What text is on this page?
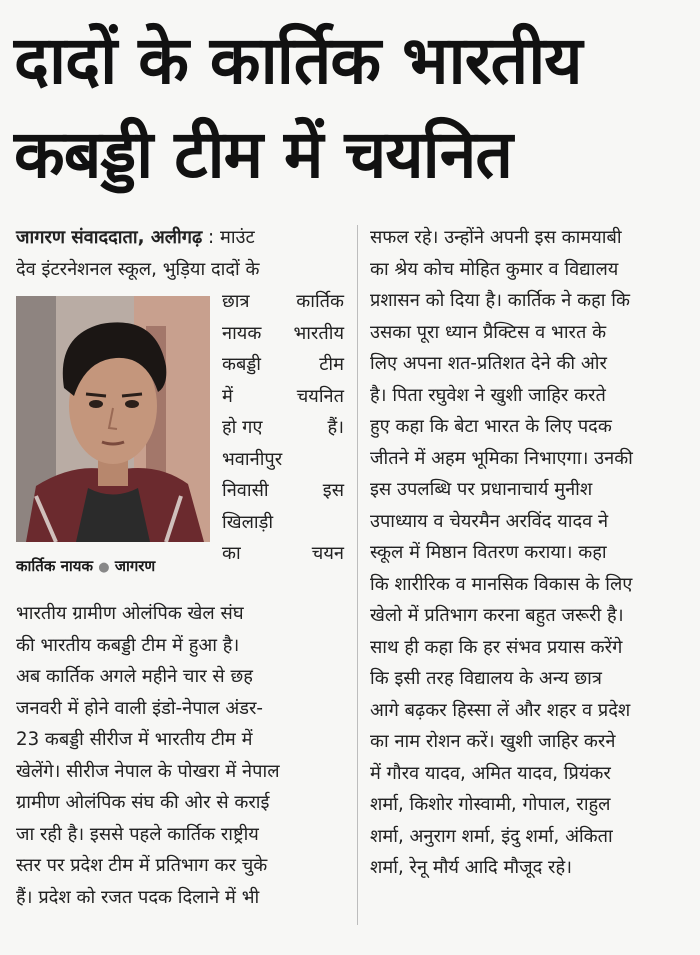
दादों के कार्तिक भारतीय
कबड्डी टीम में चयनित
जागरण संवाददाता, अलीगढ़ : माउंट
देव इंटरनेशनल स्कूल, भुड़िया दादों के
कार्तिक नायक ● जागरण
छात्र	कार्तिक
नायक भारतीय
कबड्डी	टीम
में	चयनित
हो गए	हैं।
भवानीपुर
निवासी	इस
खिलाड़ी
का	चयन
भारतीय ग्रामीण ओलंपिक खेल संघ
की भारतीय कबड्डी टीम में हुआ है।
अब कार्तिक अगले महीने चार से छह
जनवरी में होने वाली इंडो-नेपाल अंडर-
23 कबड्डी सीरीज में भारतीय टीम में
खेलेंगे। सीरीज नेपाल के पोखरा में नेपाल
ग्रामीण ओलंपिक संघ की ओर से कराई
जा रही है। इससे पहले कार्तिक राष्ट्रीय
स्तर पर प्रदेश टीम में प्रतिभाग कर चुके
हैं। प्रदेश को रजत पदक दिलाने में भी
सफल रहे। उन्होंने अपनी इस कामयाबी
का श्रेय कोच मोहित कुमार व विद्यालय
प्रशासन को दिया है। कार्तिक ने कहा कि
उसका पूरा ध्यान प्रैक्टिस व भारत के
लिए अपना शत-प्रतिशत देने की ओर
है। पिता रघुवेश ने खुशी जाहिर करते
हुए कहा कि बेटा भारत के लिए पदक
जीतने में अहम भूमिका निभाएगा। उनकी
इस उपलब्धि पर प्रधानाचार्य मुनीश
उपाध्याय व चेयरमैन अरविंद यादव ने
स्कूल में मिष्ठान वितरण कराया। कहा
कि शारीरिक व मानसिक विकास के लिए
खेलो में प्रतिभाग करना बहुत जरूरी है।
साथ ही कहा कि हर संभव प्रयास करेंगे
कि इसी तरह विद्यालय के अन्य छात्र
आगे बढ़कर हिस्सा लें और शहर व प्रदेश
का नाम रोशन करें। खुशी जाहिर करने
में गौरव यादव, अमित यादव, प्रियंकर
शर्मा, किशोर गोस्वामी, गोपाल, राहुल
शर्मा, अनुराग शर्मा, इंदु शर्मा, अंकिता
शर्मा, रेनू मौर्य आदि मौजूद रहे।
